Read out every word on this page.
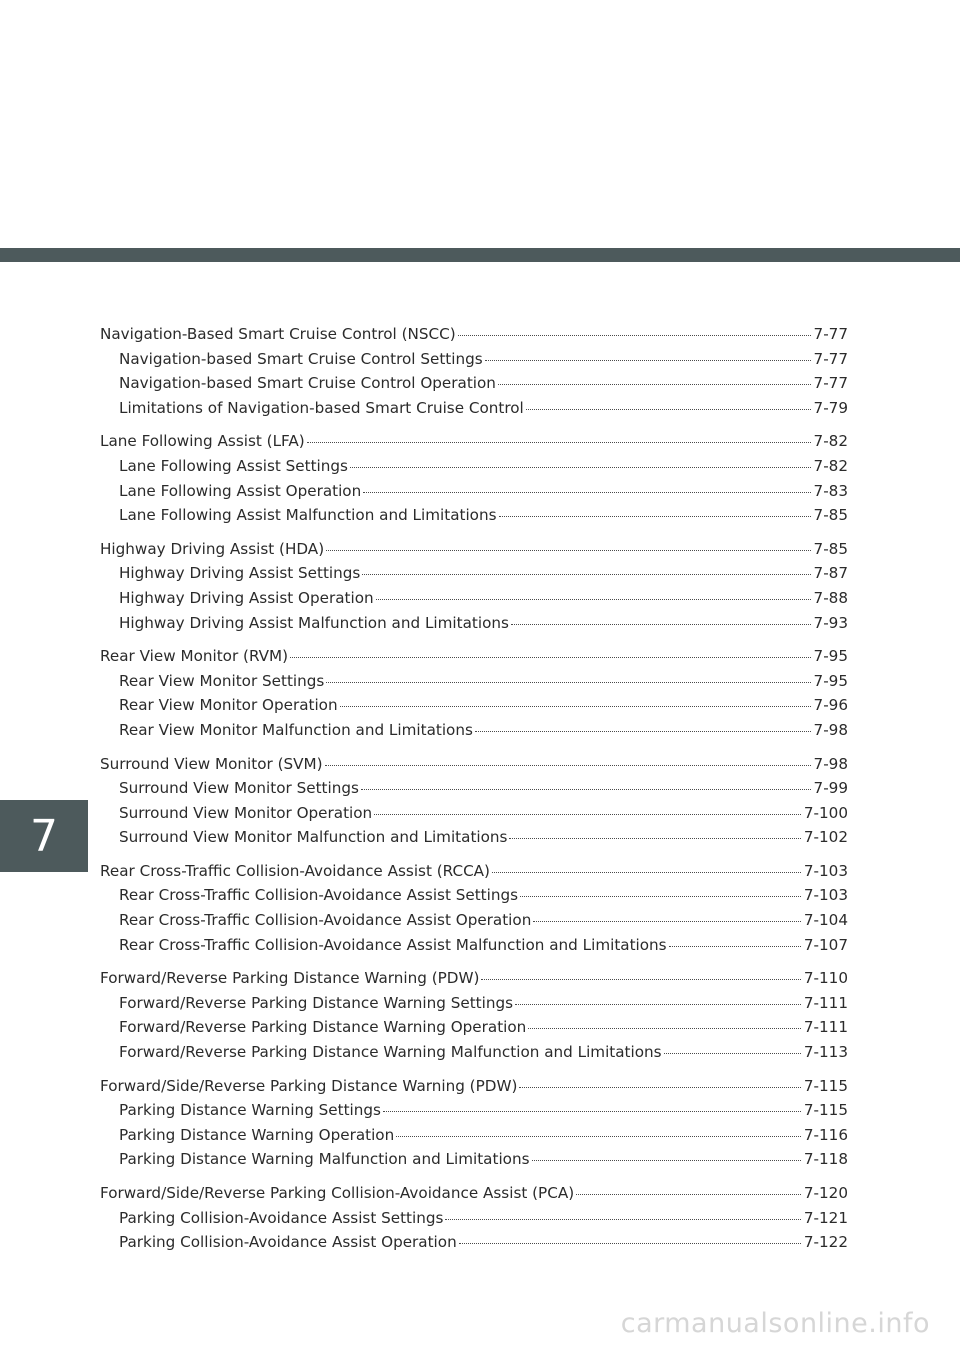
7
Navigation-Based Smart Cruise Control (NSCC)	7-77
Navigation-based Smart Cruise Control Settings	7-77
Navigation-based Smart Cruise Control Operation	7-77
Limitations of Navigation-based Smart Cruise Control	7-79
Lane Following Assist (LFA)	7-82
Lane Following Assist Settings	7-82
Lane Following Assist Operation	7-83
Lane Following Assist Malfunction and Limitations	7-85
Highway Driving Assist (HDA)	7-85
Highway Driving Assist Settings	7-87
Highway Driving Assist Operation	7-88
Highway Driving Assist Malfunction and Limitations	7-93
Rear View Monitor (RVM)	7-95
Rear View Monitor Settings	7-95
Rear View Monitor Operation	7-96
Rear View Monitor Malfunction and Limitations	7-98
Surround View Monitor (SVM)	7-98
Surround View Monitor Settings	7-99
Surround View Monitor Operation	7-100
Surround View Monitor Malfunction and Limitations	7-102
Rear Cross-Traffic Collision-Avoidance Assist (RCCA)	7-103
Rear Cross-Traffic Collision-Avoidance Assist Settings	7-103
Rear Cross-Traffic Collision-Avoidance Assist Operation	7-104
Rear Cross-Traffic Collision-Avoidance Assist Malfunction and Limitations	7-107
Forward/Reverse Parking Distance Warning (PDW)	7-110
Forward/Reverse Parking Distance Warning Settings	7-111
Forward/Reverse Parking Distance Warning Operation	7-111
Forward/Reverse Parking Distance Warning Malfunction and Limitations	7-113
Forward/Side/Reverse Parking Distance Warning (PDW)	7-115
Parking Distance Warning Settings	7-115
Parking Distance Warning Operation	7-116
Parking Distance Warning Malfunction and Limitations	7-118
Forward/Side/Reverse Parking Collision-Avoidance Assist (PCA)	7-120
Parking Collision-Avoidance Assist Settings	7-121
Parking Collision-Avoidance Assist Operation	7-122
carmanualsonline.info
